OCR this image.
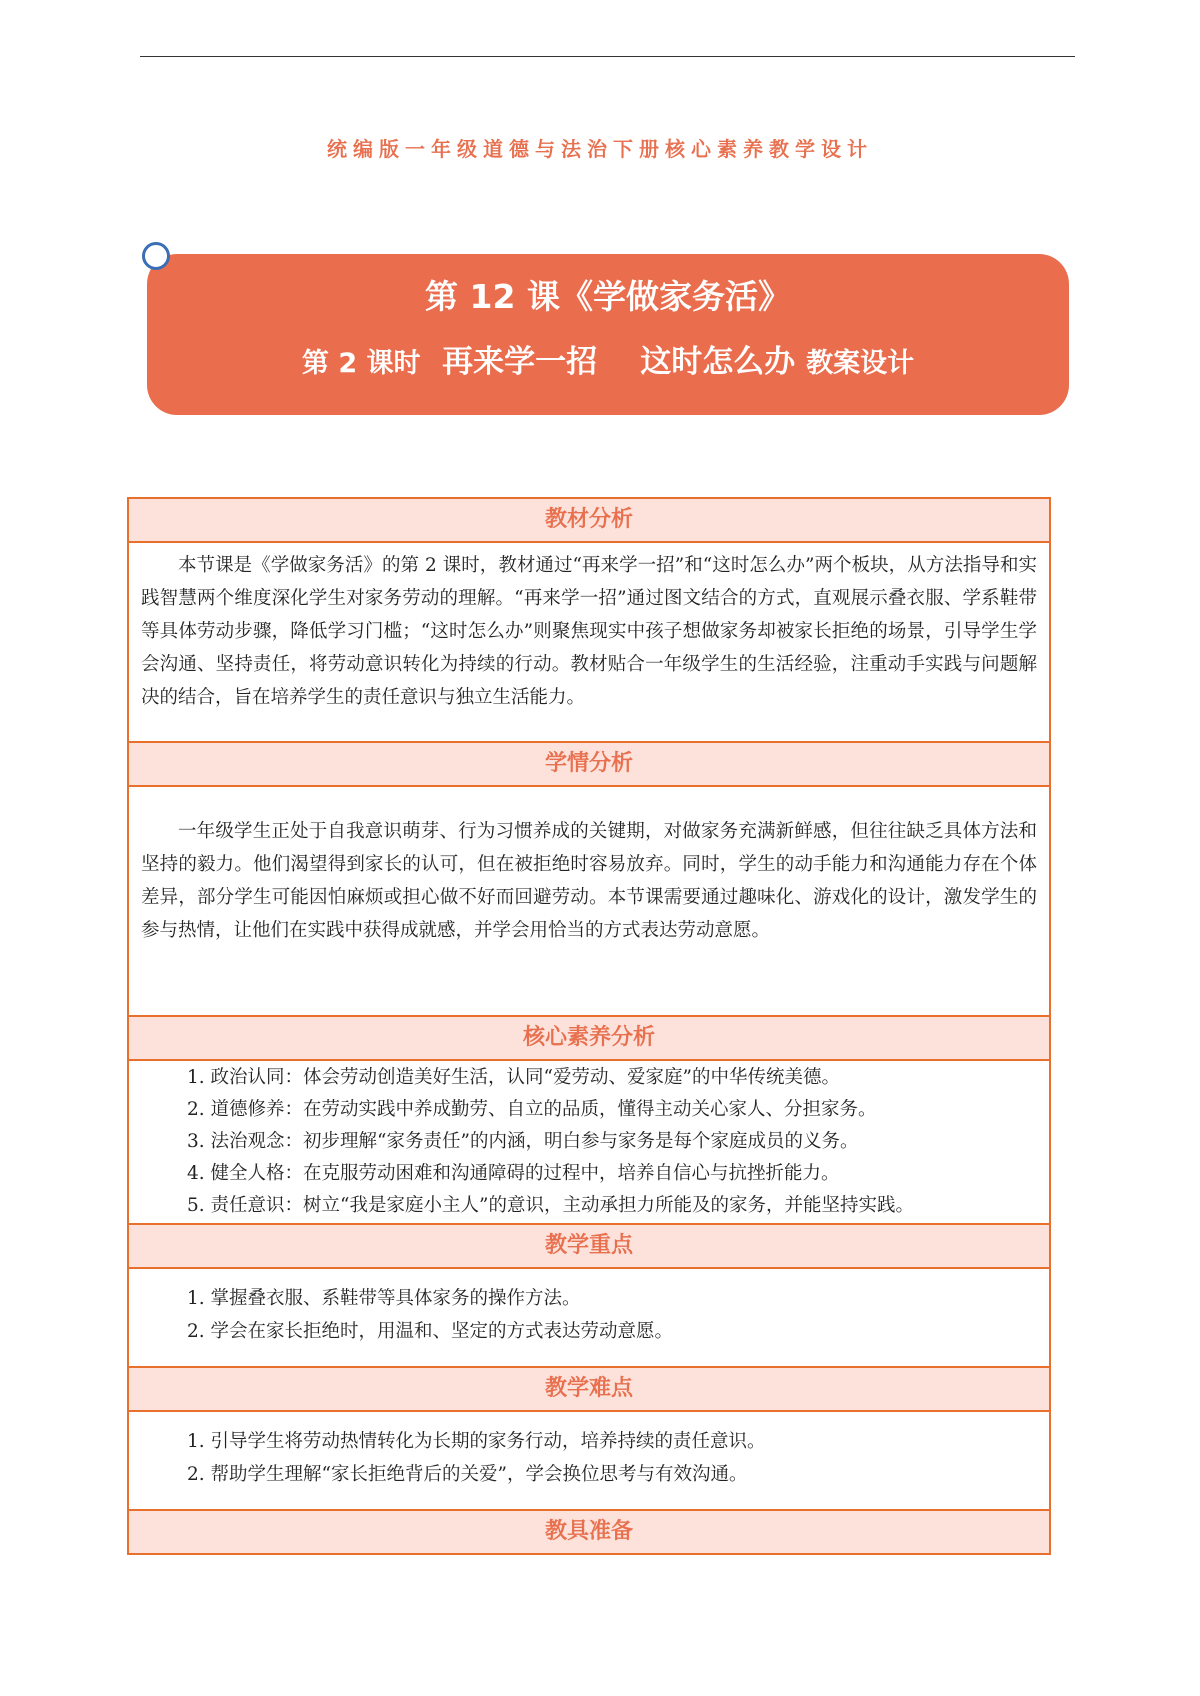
统编版一年级道德与法治下册核心素养教学设计
第 12 课《学做家务活》
第 2 课时 再来学一招    这时怎么办 教案设计
教材分析

本节课是《学做家务活》的第 2 课时，教材通过“再来学一招”和“这时怎么办”两个板块，从方法指导和实践智慧两个维度深化学生对家务劳动的理解。“再来学一招”通过图文结合的方式，直观展示叠衣服、学系鞋带等具体劳动步骤，降低学习门槛；“这时怎么办”则聚焦现实中孩子想做家务却被家长拒绝的场景，引导学生学会沟通、坚持责任，将劳动意识转化为持续的行动。教材贴合一年级学生的生活经验，注重动手实践与问题解决的结合，旨在培养学生的责任意识与独立生活能力。

学情分析

一年级学生正处于自我意识萌芽、行为习惯养成的关键期，对做家务充满新鲜感，但往往缺乏具体方法和坚持的毅力。他们渴望得到家长的认可，但在被拒绝时容易放弃。同时，学生的动手能力和沟通能力存在个体差异，部分学生可能因怕麻烦或担心做不好而回避劳动。本节课需要通过趣味化、游戏化的设计，激发学生的参与热情，让他们在实践中获得成就感，并学会用恰当的方式表达劳动意愿。

核心素养分析
1. 政治认同：体会劳动创造美好生活，认同“爱劳动、爱家庭”的中华传统美德。
2. 道德修养：在劳动实践中养成勤劳、自立的品质，懂得主动关心家人、分担家务。
3. 法治观念：初步理解“家务责任”的内涵，明白参与家务是每个家庭成员的义务。
4. 健全人格：在克服劳动困难和沟通障碍的过程中，培养自信心与抗挫折能力。
5. 责任意识：树立“我是家庭小主人”的意识，主动承担力所能及的家务，并能坚持实践。
教学重点
1. 掌握叠衣服、系鞋带等具体家务的操作方法。
2. 学会在家长拒绝时，用温和、坚定的方式表达劳动意愿。
教学难点
1. 引导学生将劳动热情转化为长期的家务行动，培养持续的责任意识。
2. 帮助学生理解“家长拒绝背后的关爱”，学会换位思考与有效沟通。
教具准备
